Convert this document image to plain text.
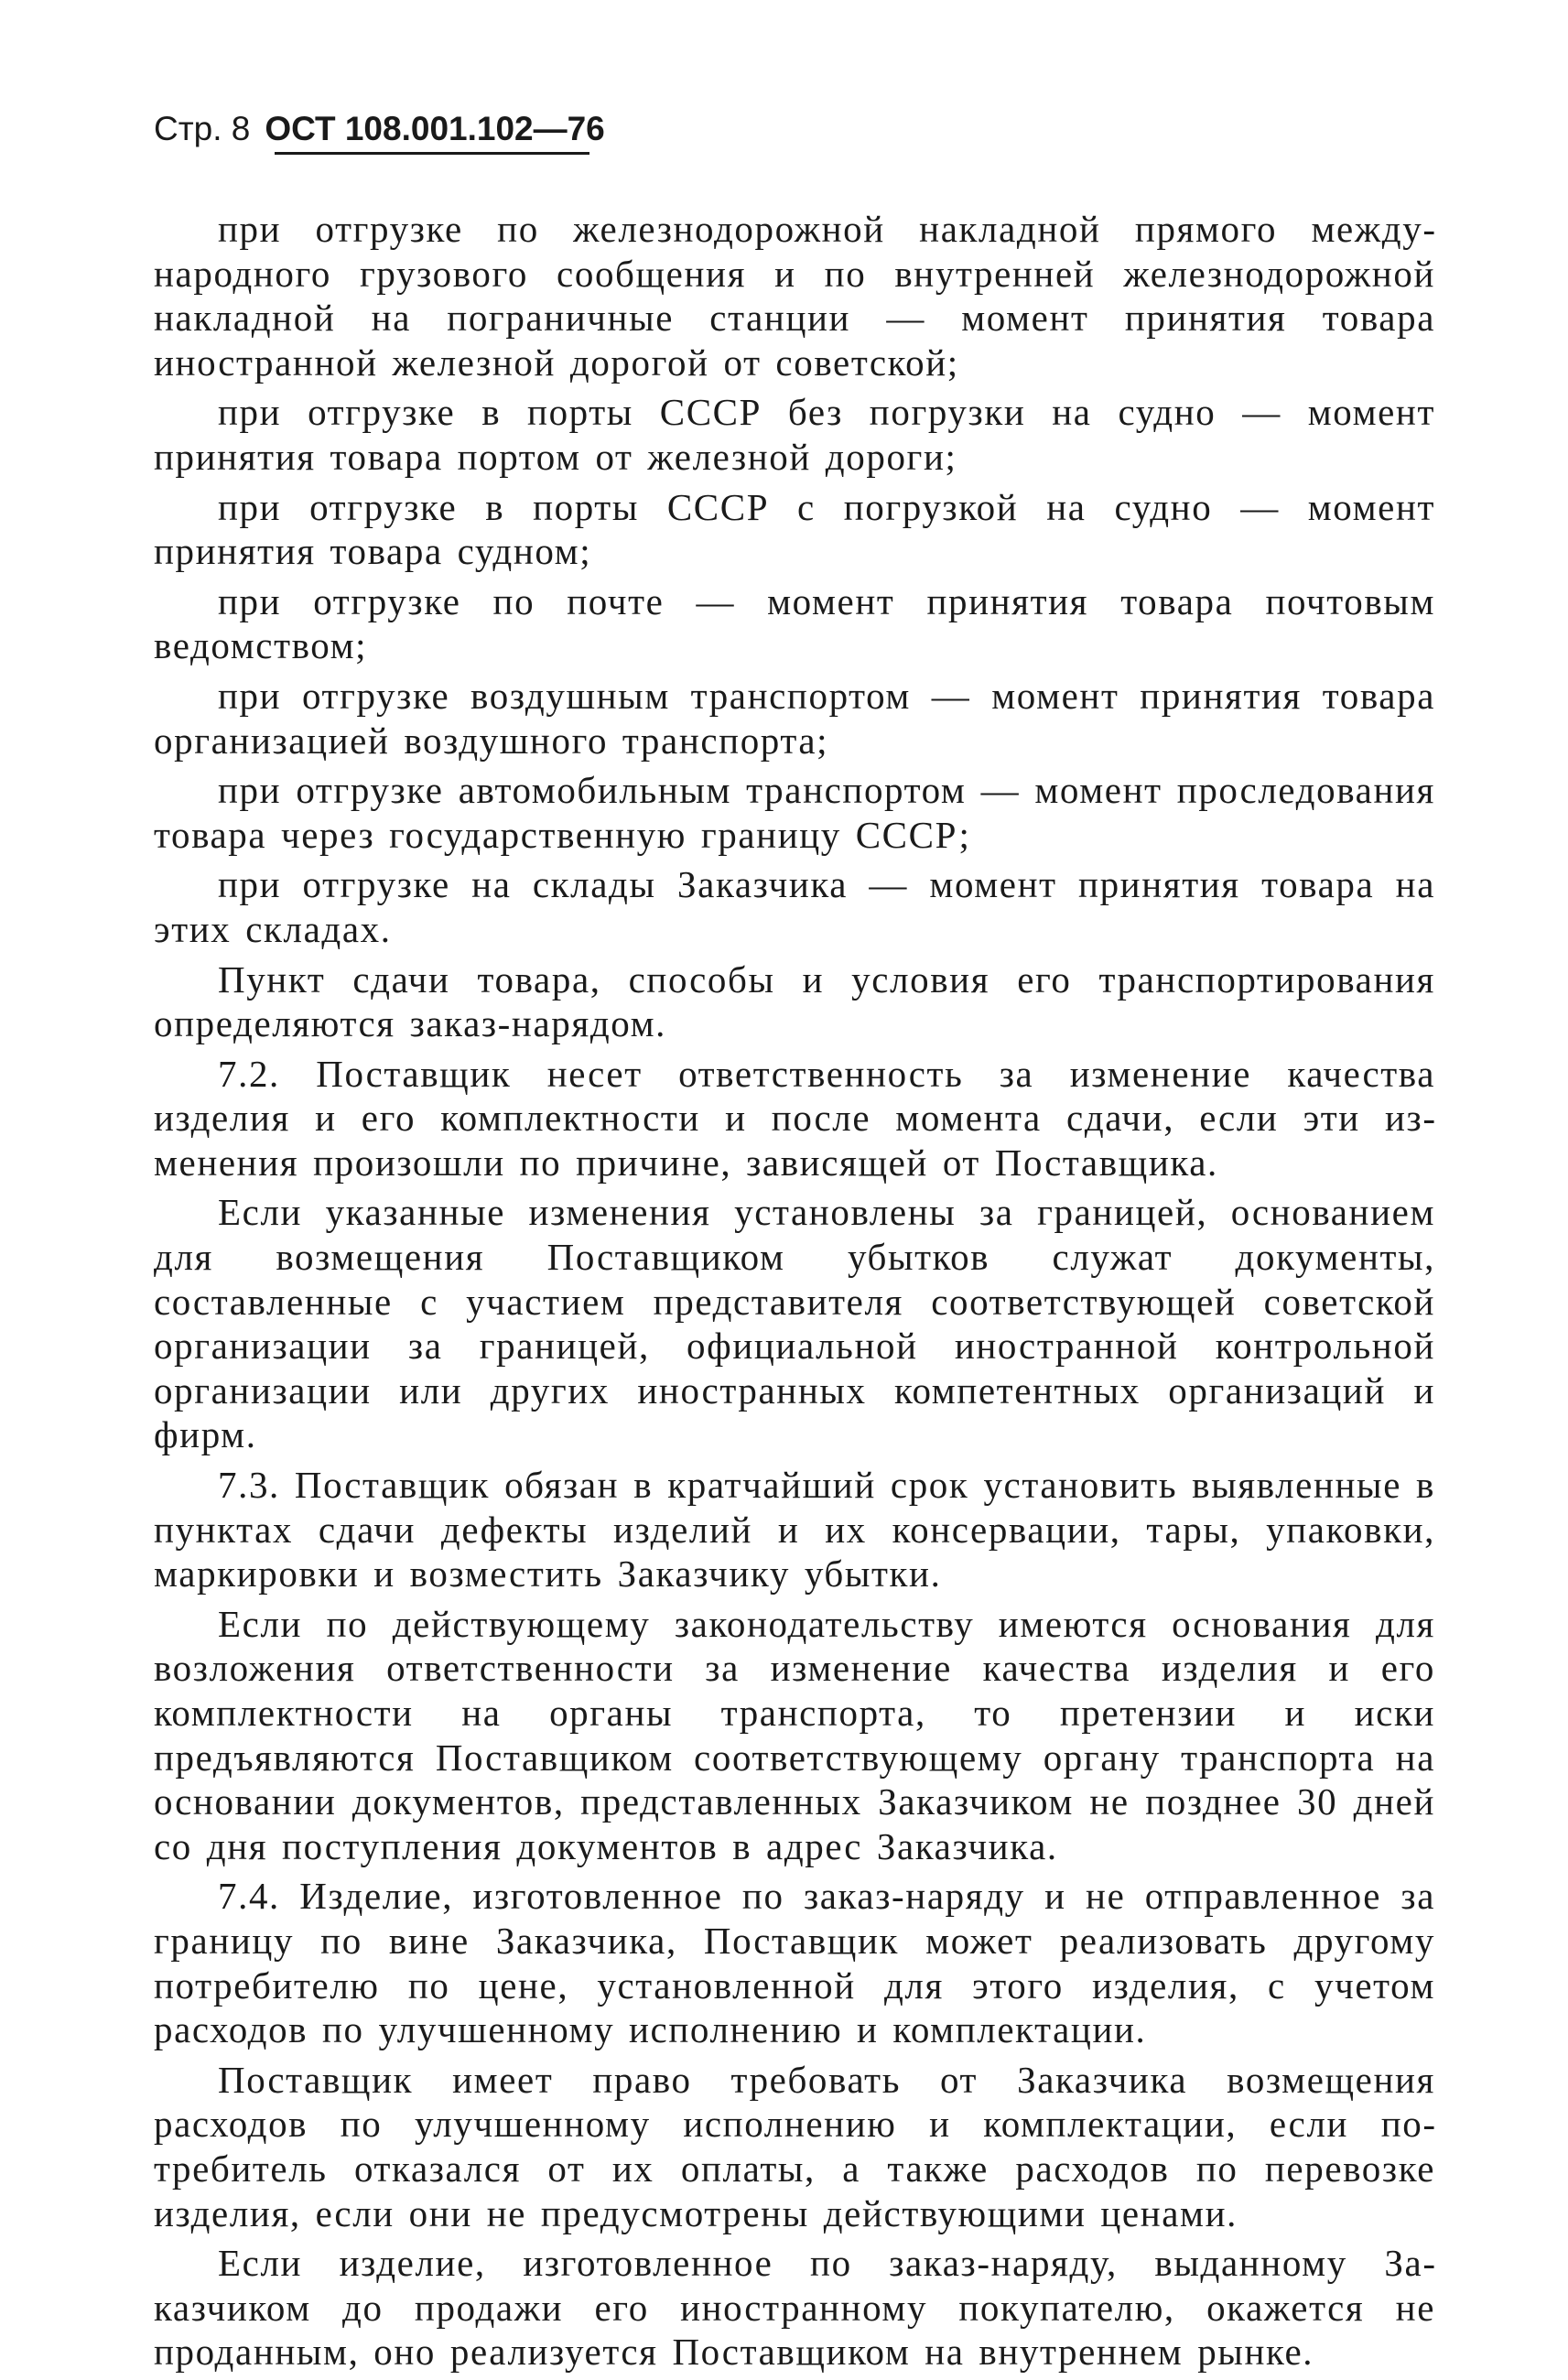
Стр. 8 ОСТ 108.001.102—76

при отгрузке по железнодорожной накладной прямого международного грузового сообщения и по внутренней железнодорожной накладной на пограничные станции — момент принятия товара иностранной железной дорогой от советской;

при отгрузке в порты СССР без погрузки на судно — момент принятия товара портом от железной дороги;

при отгрузке в порты СССР с погрузкой на судно — момент принятия товара судном;

при отгрузке по почте — момент принятия товара почтовым ведомством;

при отгрузке воздушным транспортом — момент принятия товара организацией воздушного транспорта;

при отгрузке автомобильным транспортом — момент проследования товара через государственную границу СССР;

при отгрузке на склады Заказчика — момент принятия товара на этих складах.

Пункт сдачи товара, способы и условия его транспортирования определяются заказ-нарядом.

7.2. Поставщик несет ответственность за изменение качества изделия и его комплектности и после момента сдачи, если эти изменения произошли по причине, зависящей от Поставщика.

Если указанные изменения установлены за границей, основанием для возмещения Поставщиком убытков служат документы, составленные с участием представителя соответствующей советской организации за границей, официальной иностранной контрольной организации или других иностранных компетентных организаций и фирм.

7.3. Поставщик обязан в кратчайший срок установить выявленные в пунктах сдачи дефекты изделий и их консервации, тары, упаковки, маркировки и возместить Заказчику убытки.

Если по действующему законодательству имеются основания для возложения ответственности за изменение качества изделия и его комплектности на органы транспорта, то претензии и иски предъявляются Поставщиком соответствующему органу транспорта на основании документов, представленных Заказчиком не позднее 30 дней со дня поступления документов в адрес Заказчика.

7.4. Изделие, изготовленное по заказ-наряду и не отправленное за границу по вине Заказчика, Поставщик может реализовать другому потребителю по цене, установленной для этого изделия, с учетом расходов по улучшенному исполнению и комплектации.

Поставщик имеет право требовать от Заказчика возмещения расходов по улучшенному исполнению и комплектации, если потребитель отказался от их оплаты, а также расходов по перевозке изделия, если они не предусмотрены действующими ценами.

Если изделие, изготовленное по заказ-наряду, выданному Заказчиком до продажи его иностранному покупателю, окажется не проданным, оно реализуется Поставщиком на внутреннем рынке.
